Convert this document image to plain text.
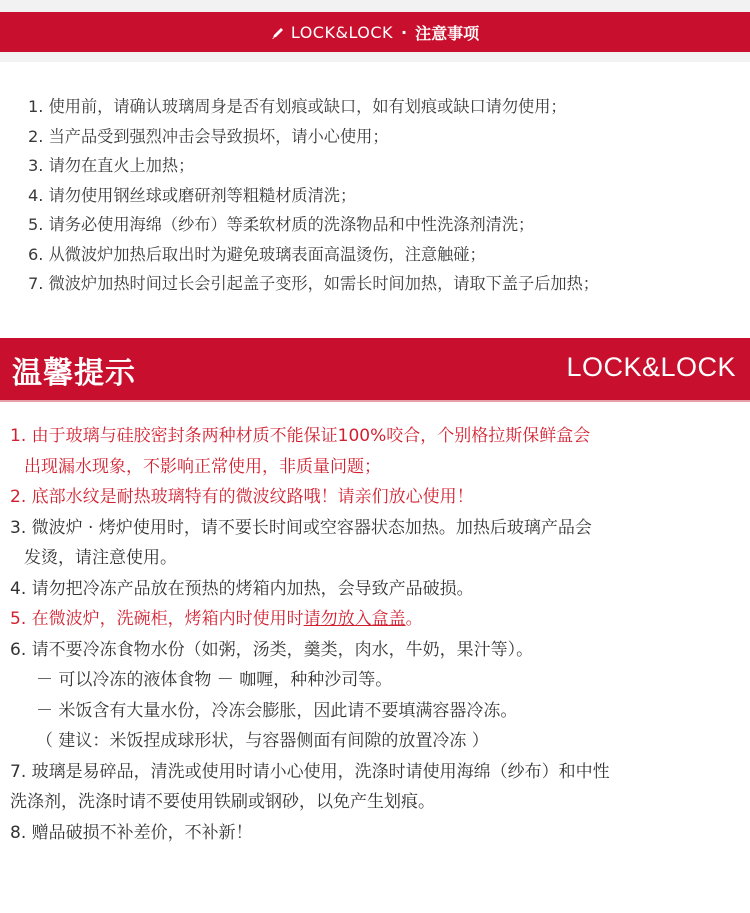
LOCK&LOCK · 注意事项
1. 使用前，请确认玻璃周身是否有划痕或缺口，如有划痕或缺口请勿使用；
2. 当产品受到强烈冲击会导致损坏，请小心使用；
3. 请勿在直火上加热；
4. 请勿使用钢丝球或磨研剂等粗糙材质清洗；
5. 请务必使用海绵（纱布）等柔软材质的洗涤物品和中性洗涤剂清洗；
6. 从微波炉加热后取出时为避免玻璃表面高温烫伤，注意触碰；
7. 微波炉加热时间过长会引起盖子变形，如需长时间加热，请取下盖子后加热；
温馨提示	LOCK&LOCK
1. 由于玻璃与硅胶密封条两种材质不能保证100%咬合，个别格拉斯保鲜盒会
出现漏水现象，不影响正常使用，非质量问题；
2. 底部水纹是耐热玻璃特有的微波纹路哦！请亲们放心使用！
3. 微波炉 · 烤炉使用时，请不要长时间或空容器状态加热。加热后玻璃产品会
发烫，请注意使用。
4. 请勿把冷冻产品放在预热的烤箱内加热，会导致产品破损。
5. 在微波炉，洗碗柜，烤箱内时使用时请勿放入盒盖。
6. 请不要冷冻食物水份（如粥，汤类，羹类，肉水，牛奶，果汁等）。
－ 可以冷冻的液体食物 － 咖喱，种种沙司等。
－ 米饭含有大量水份，冷冻会膨胀，因此请不要填满容器冷冻。
（ 建议：米饭捏成球形状，与容器侧面有间隙的放置冷冻 ）
7. 玻璃是易碎品，清洗或使用时请小心使用，洗涤时请使用海绵（纱布）和中性
洗涤剂，洗涤时请不要使用铁刷或钢砂，以免产生划痕。
8. 赠品破损不补差价，不补新！
